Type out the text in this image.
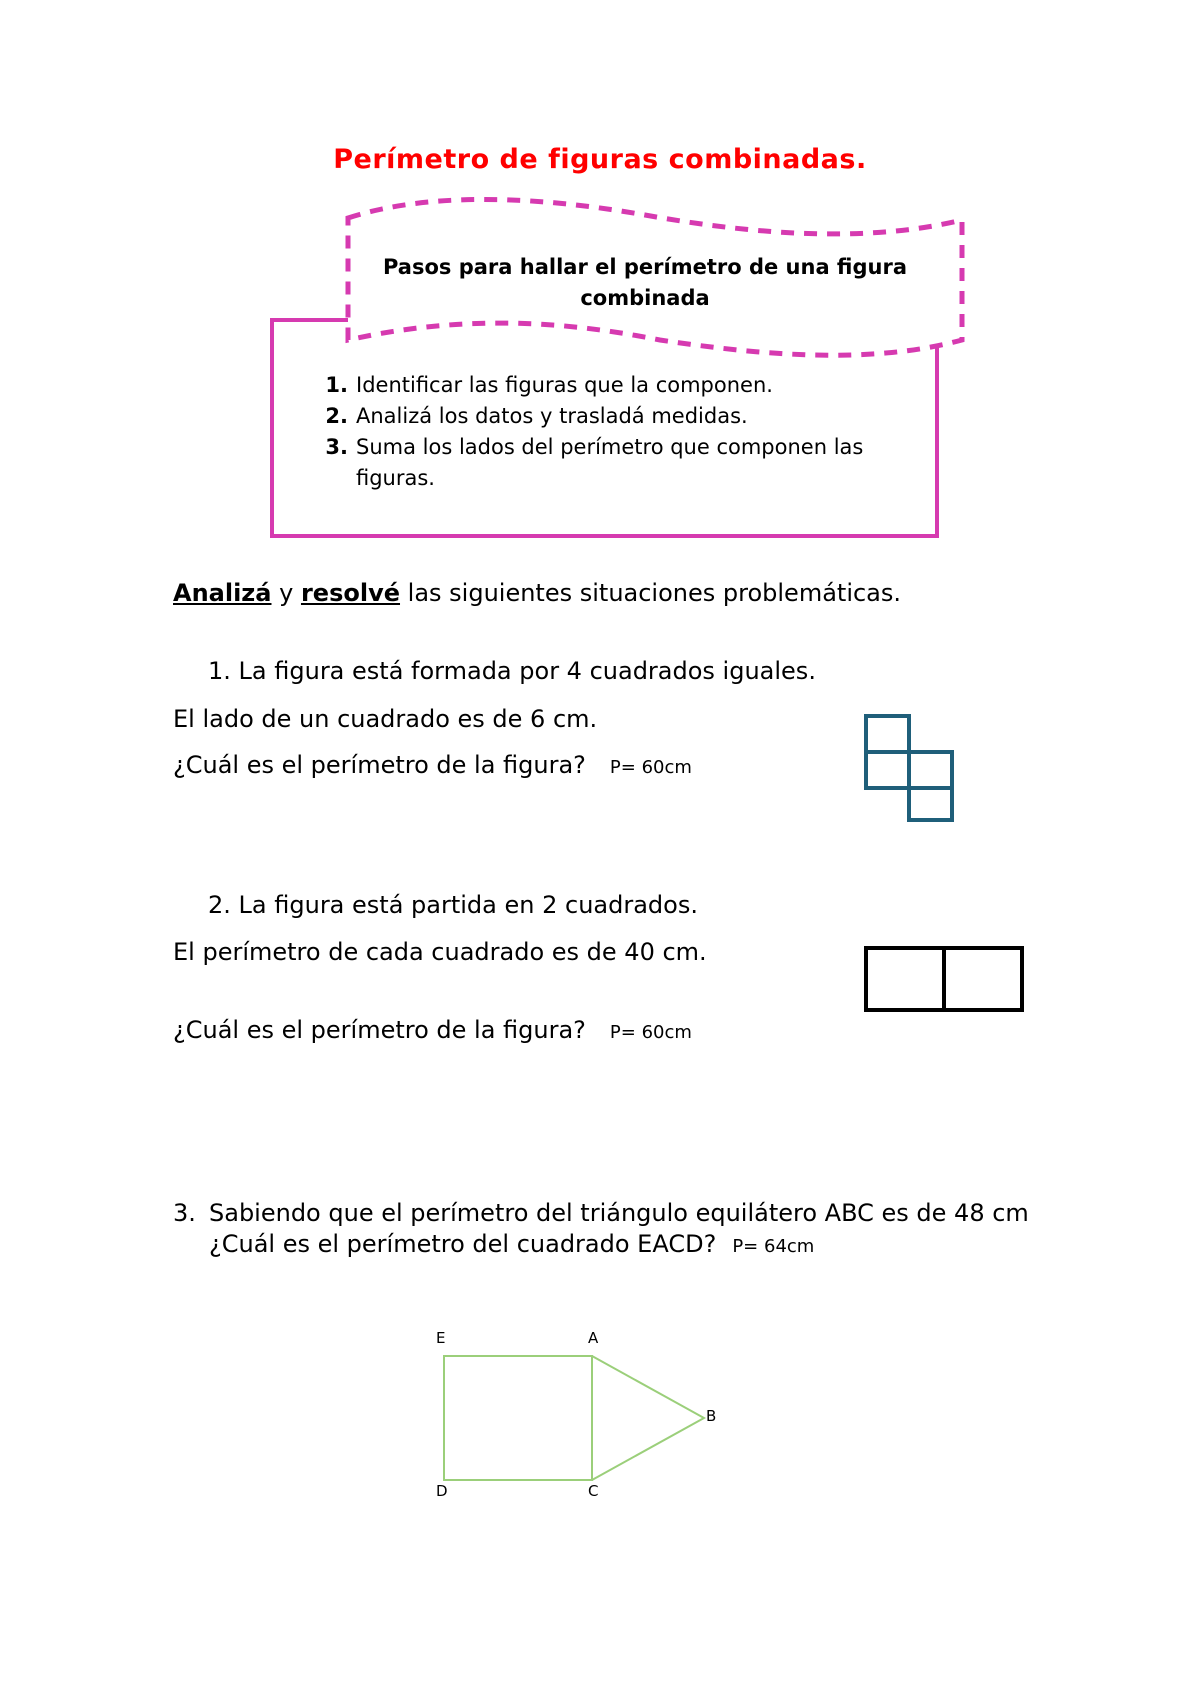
Perímetro de figuras combinadas.
Pasos para hallar el perímetro de una figura combinada
1. Identificar las figuras que la componen.
2. Analizá los datos y trasladá medidas.
3. Suma los lados del perímetro que componen las figuras.
Analizá y resolvé las siguientes situaciones problemáticas.
1. La figura está formada por 4 cuadrados iguales.
El lado de un cuadrado es de 6 cm.
¿Cuál es el perímetro de la figura? P= 60cm
2. La figura está partida en 2 cuadrados.
El perímetro de cada cuadrado es de 40 cm.
¿Cuál es el perímetro de la figura? P= 60cm
3. Sabiendo que el perímetro del triángulo equilátero ABC es de 48 cm ¿Cuál es el perímetro del cuadrado EACD? P= 64cm
E	A
B
C
D
